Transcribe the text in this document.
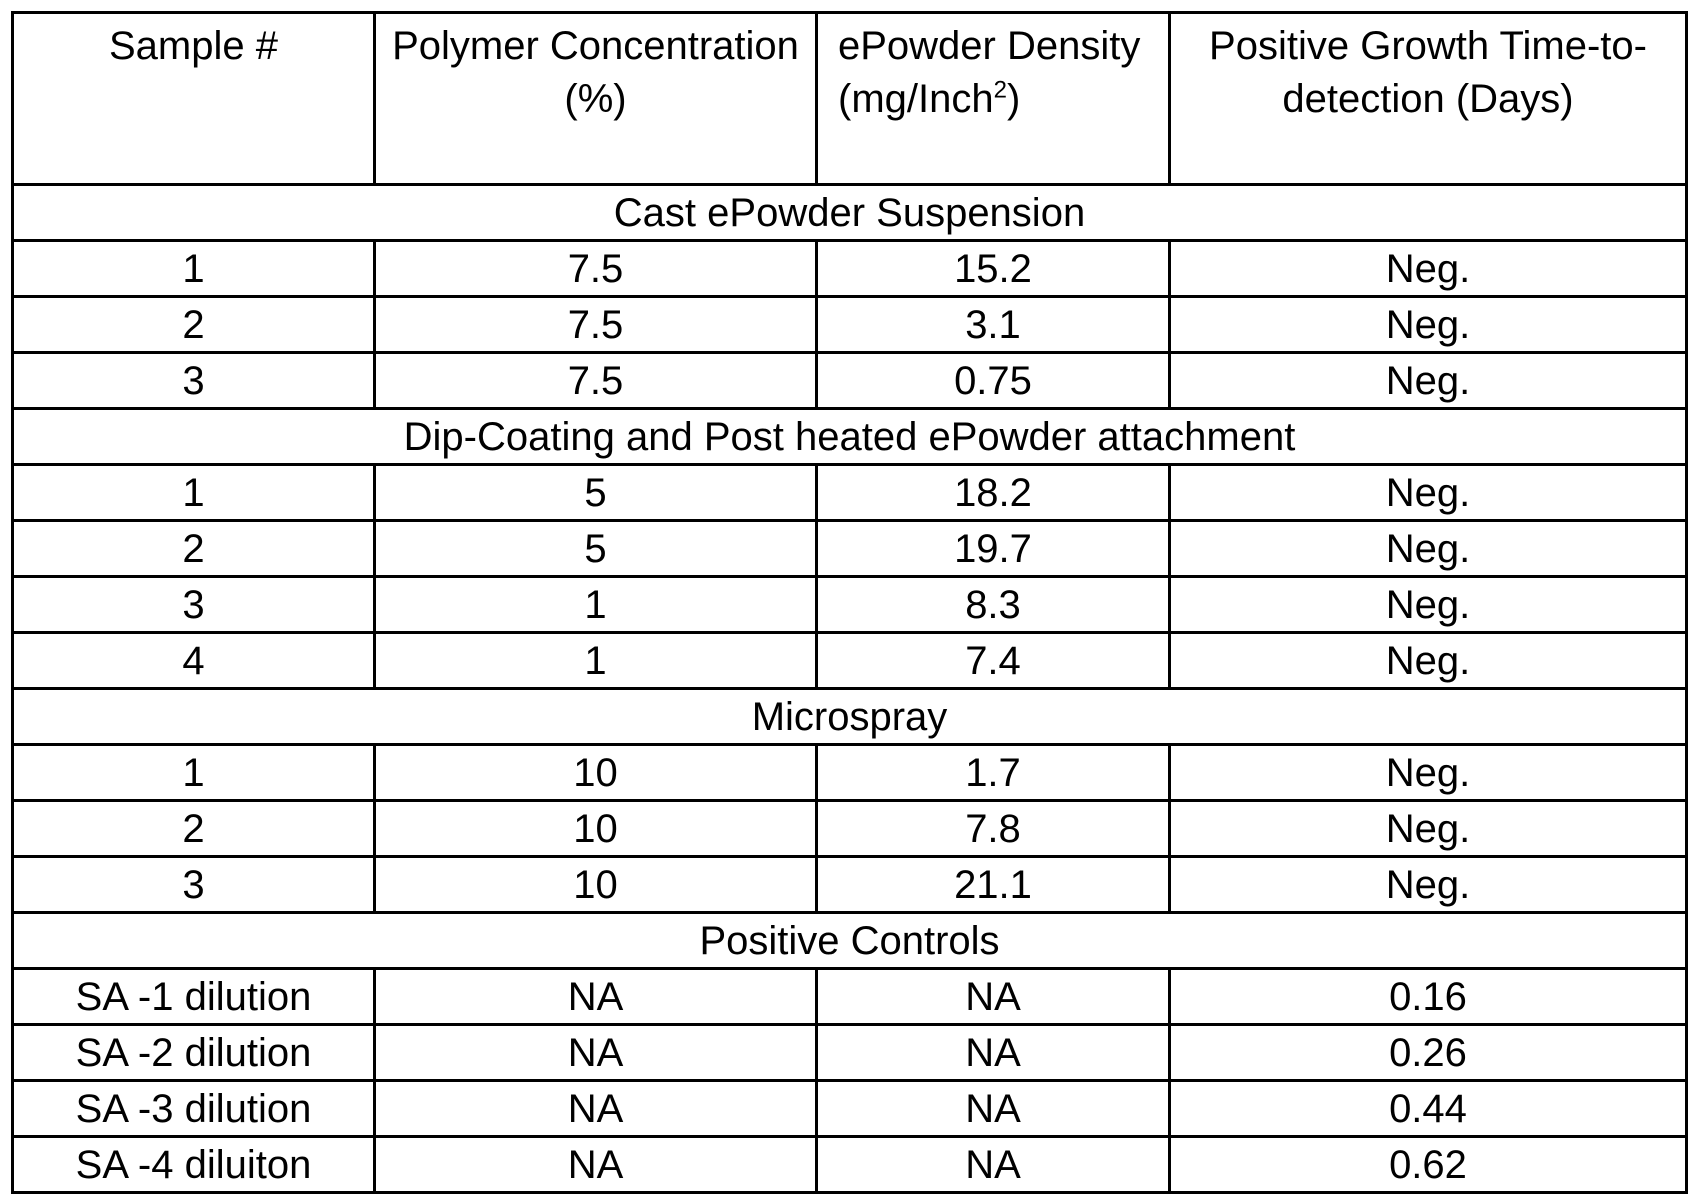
Sample #	Polymer Concentration (%)	ePowder Density (mg/Inch2)	Positive Growth Time-to-detection (Days)
Cast ePowder Suspension
1	7.5	15.2	Neg.
2	7.5	3.1	Neg.
3	7.5	0.75	Neg.
Dip-Coating and Post heated ePowder attachment
1	5	18.2	Neg.
2	5	19.7	Neg.
3	1	8.3	Neg.
4	1	7.4	Neg.
Microspray
1	10	1.7	Neg.
2	10	7.8	Neg.
3	10	21.1	Neg.
Positive Controls
SA -1 dilution	NA	NA	0.16
SA -2 dilution	NA	NA	0.26
SA -3 dilution	NA	NA	0.44
SA -4 diluiton	NA	NA	0.62
